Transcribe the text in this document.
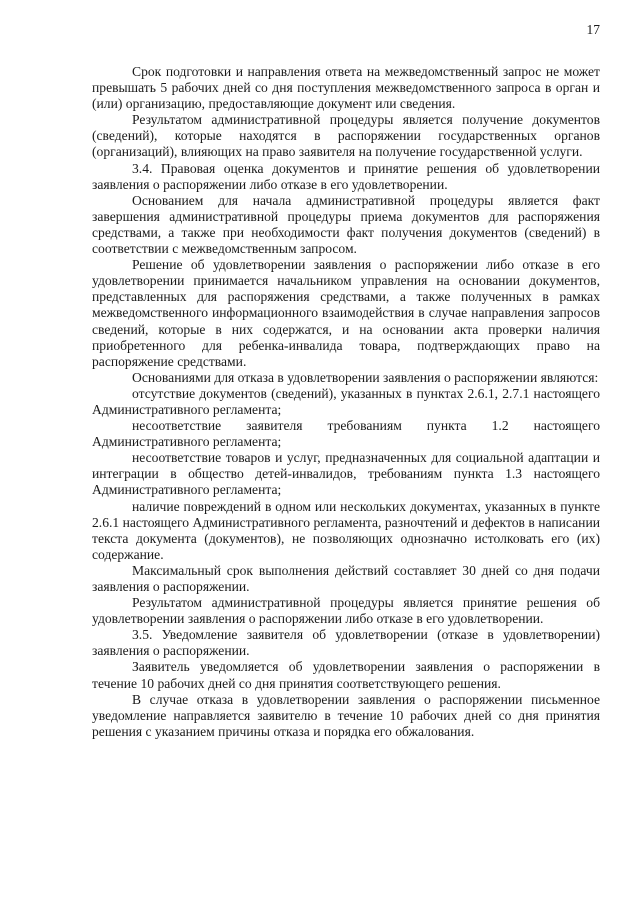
17

Срок подготовки и направления ответа на межведомственный запрос не может превышать 5 рабочих дней со дня поступления межведомственного запроса в орган и (или) организацию, предоставляющие документ или сведения.

Результатом административной процедуры является получение документов (сведений), которые находятся в распоряжении государственных органов (организаций), влияющих на право заявителя на получение государственной услуги.

3.4. Правовая оценка документов и принятие решения об удовлетворении заявления о распоряжении либо отказе в его удовлетворении.

Основанием для начала административной процедуры является факт завершения административной процедуры приема документов для распоряжения средствами, а также при необходимости факт получения документов (сведений) в соответствии с межведомственным запросом.

Решение об удовлетворении заявления о распоряжении либо отказе в его удовлетворении принимается начальником управления на основании документов, представленных для распоряжения средствами, а также полученных в рамках межведомственного информационного взаимодействия в случае направления запросов сведений, которые в них содержатся, и на основании акта проверки наличия приобретенного для ребенка-инвалида товара, подтверждающих право на распоряжение средствами.

Основаниями для отказа в удовлетворении заявления о распоряжении являются:

отсутствие документов (сведений), указанных в пунктах 2.6.1, 2.7.1 настоящего Административного регламента;

несоответствие заявителя требованиям пункта 1.2 настоящего Административного регламента;

несоответствие товаров и услуг, предназначенных для социальной адаптации и интеграции в общество детей-инвалидов, требованиям пункта 1.3 настоящего Административного регламента;

наличие повреждений в одном или нескольких документах, указанных в пункте 2.6.1 настоящего Административного регламента, разночтений и дефектов в написании текста документа (документов), не позволяющих однозначно истолковать его (их) содержание.

Максимальный срок выполнения действий составляет 30 дней со дня подачи заявления о распоряжении.

Результатом административной процедуры является принятие решения об удовлетворении заявления о распоряжении либо отказе в его удовлетворении.

3.5. Уведомление заявителя об удовлетворении (отказе в удовлетворении) заявления о распоряжении.

Заявитель уведомляется об удовлетворении заявления о распоряжении в течение 10 рабочих дней со дня принятия соответствующего решения.

В случае отказа в удовлетворении заявления о распоряжении письменное уведомление направляется заявителю в течение 10 рабочих дней со дня принятия решения с указанием причины отказа и порядка его обжалования.
